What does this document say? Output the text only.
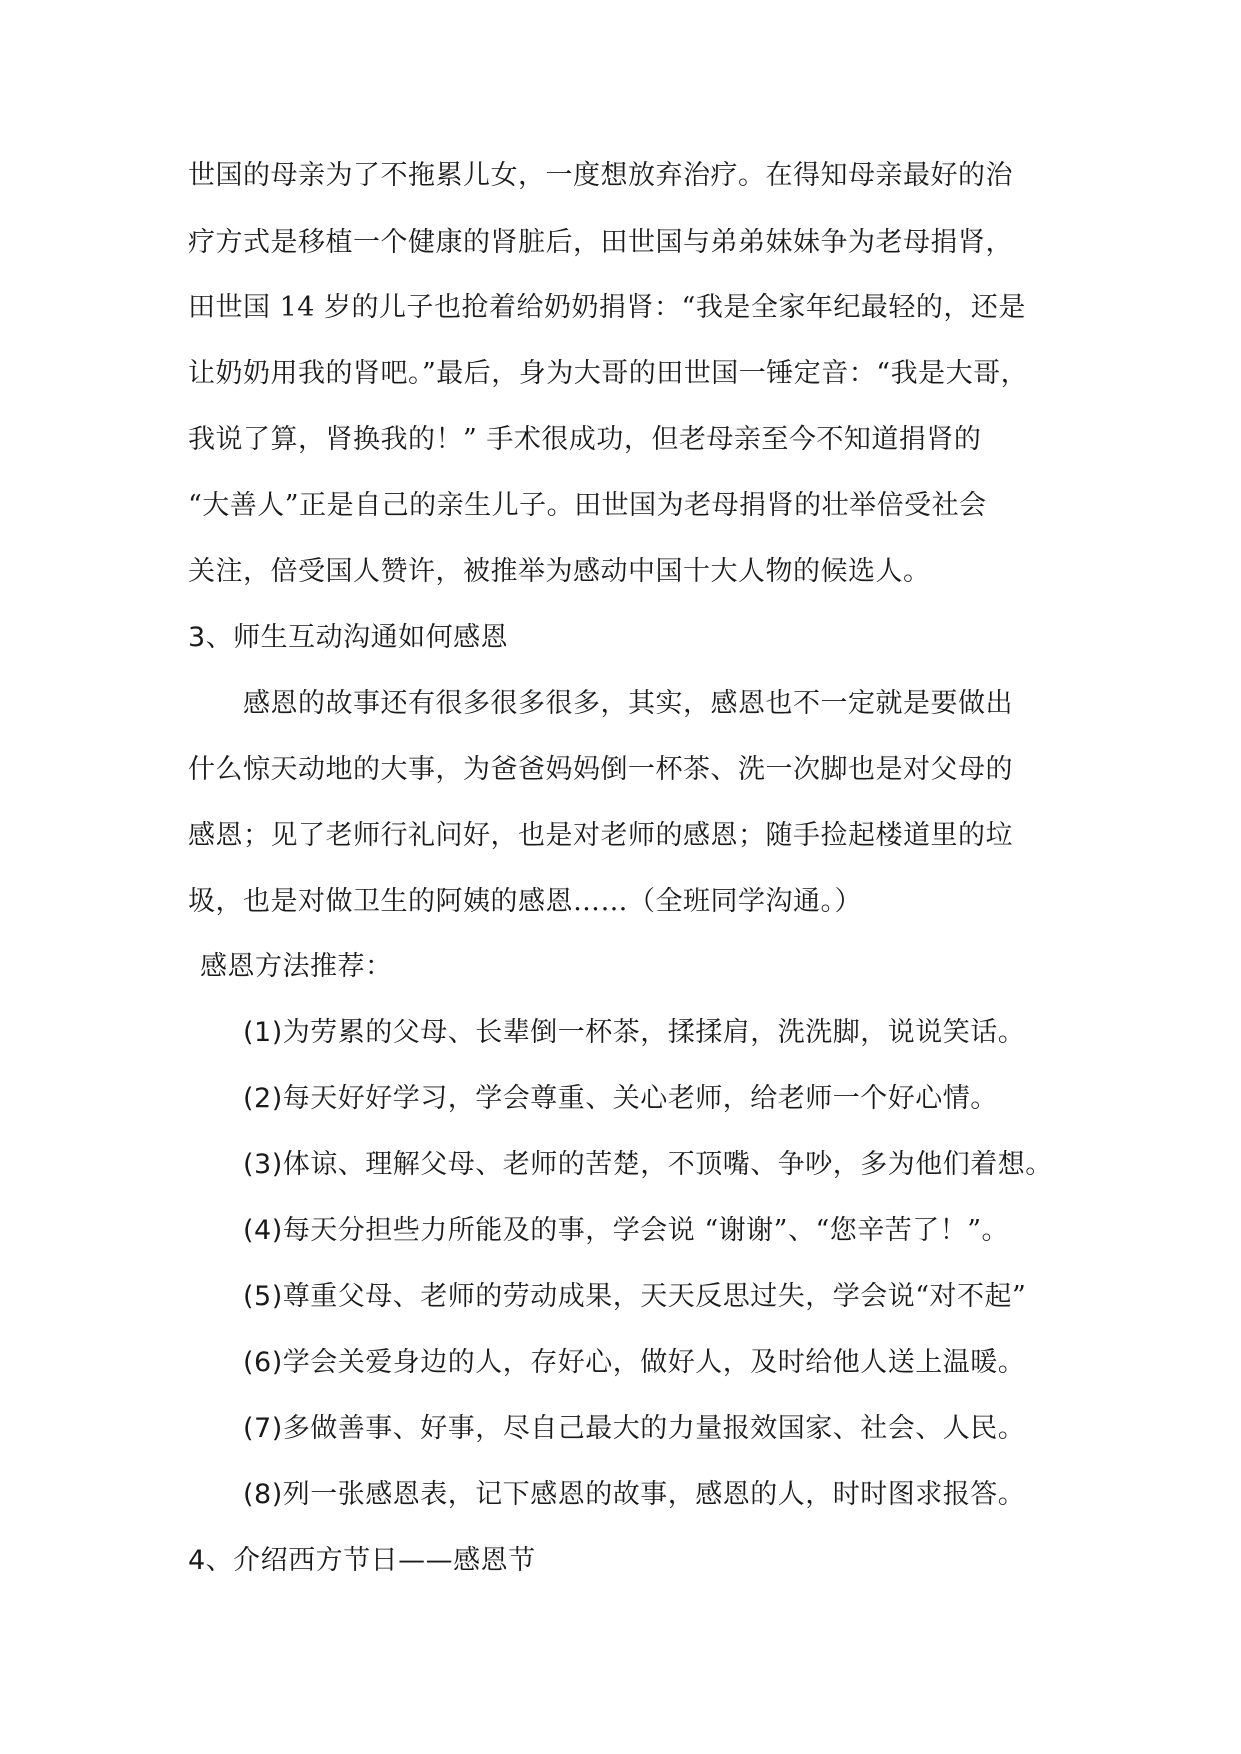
世国的母亲为了不拖累儿女，一度想放弃治疗。在得知母亲最好的治
疗方式是移植一个健康的肾脏后，田世国与弟弟妹妹争为老母捐肾，
田世国 14 岁的儿子也抢着给奶奶捐肾：“我是全家年纪最轻的，还是
让奶奶用我的肾吧。”最后，身为大哥的田世国一锤定音：“我是大哥，
我说了算，肾换我的！” 手术很成功，但老母亲至今不知道捐肾的
“大善人”正是自己的亲生儿子。田世国为老母捐肾的壮举倍受社会
关注，倍受国人赞许，被推举为感动中国十大人物的候选人。
3、师生互动沟通如何感恩
感恩的故事还有很多很多很多，其实，感恩也不一定就是要做出
什么惊天动地的大事，为爸爸妈妈倒一杯茶、洗一次脚也是对父母的
感恩；见了老师行礼问好，也是对老师的感恩；随手捡起楼道里的垃
圾，也是对做卫生的阿姨的感恩……（全班同学沟通。）
感恩方法推荐：
(1)为劳累的父母、长辈倒一杯茶，揉揉肩，洗洗脚，说说笑话。
(2)每天好好学习，学会尊重、关心老师，给老师一个好心情。
(3)体谅、理解父母、老师的苦楚，不顶嘴、争吵，多为他们着想。
(4)每天分担些力所能及的事，学会说 “谢谢”、“您辛苦了！”。
(5)尊重父母、老师的劳动成果，天天反思过失，学会说“对不起”
(6)学会关爱身边的人，存好心，做好人，及时给他人送上温暖。
(7)多做善事、好事，尽自己最大的力量报效国家、社会、人民。
(8)列一张感恩表，记下感恩的故事，感恩的人，时时图求报答。
4、介绍西方节日——感恩节
